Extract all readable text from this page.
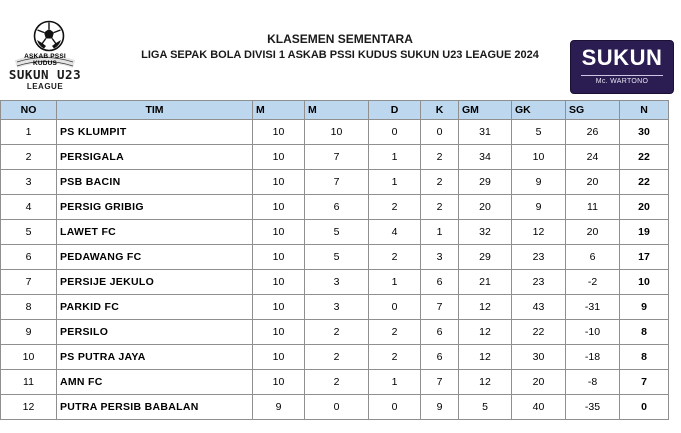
ASKAB PSSI KUDUS
SUKUN U23
LEAGUE
KLASEMEN SEMENTARA
LIGA SEPAK BOLA DIVISI 1 ASKAB PSSI KUDUS SUKUN U23 LEAGUE 2024	SUKUN
Mc. WARTONO
NO	TIM	M	M	D	K	GM	GK	SG	N
1	PS KLUMPIT	10	10	0	0	31	5	26	30
2	PERSIGALA	10	7	1	2	34	10	24	22
3	PSB BACIN	10	7	1	2	29	9	20	22
4	PERSIG GRIBIG	10	6	2	2	20	9	11	20
5	LAWET FC	10	5	4	1	32	12	20	19
6	PEDAWANG FC	10	5	2	3	29	23	6	17
7	PERSIJE JEKULO	10	3	1	6	21	23	-2	10
8	PARKID FC	10	3	0	7	12	43	-31	9
9	PERSILO	10	2	2	6	12	22	-10	8
10	PS PUTRA JAYA	10	2	2	6	12	30	-18	8
11	AMN FC	10	2	1	7	12	20	-8	7
12	PUTRA PERSIB BABALAN	9	0	0	9	5	40	-35	0
